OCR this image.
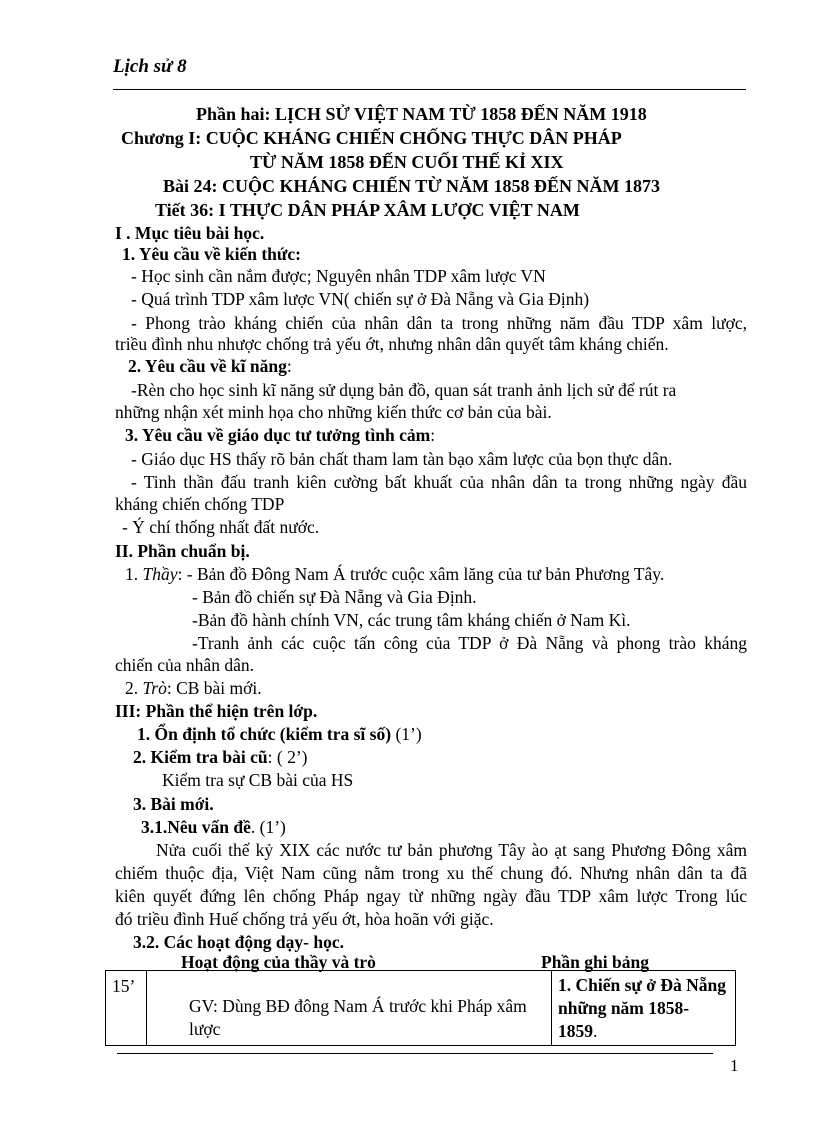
Lịch sử 8
Phần hai: LỊCH SỬ VIỆT NAM TỪ 1858 ĐẾN NĂM 1918
Chương I: CUỘC KHÁNG CHIẾN CHỐNG THỰC DÂN PHÁP
TỪ NĂM 1858 ĐẾN CUỐI THẾ KỈ XIX
Bài 24: CUỘC KHÁNG CHIẾN TỪ NĂM 1858 ĐẾN NĂM 1873
Tiết 36: I THỰC DÂN PHÁP XÂM LƯỢC VIỆT NAM
I . Mục tiêu bài học.
1. Yêu cầu về kiến thức:
- Học sinh cần nắm được; Nguyên nhân TDP xâm lược VN
- Quá trình TDP xâm lược VN( chiến sự ở Đà Nẵng và Gia Định)
- Phong trào kháng chiến của nhân dân ta trong những năm đầu TDP xâm lược,
triều đình nhu nhược chống trả yếu ớt, nhưng nhân dân quyết tâm kháng chiến.
2. Yêu cầu về kĩ năng:
-Rèn cho học sinh kĩ năng sử dụng bản đồ, quan sát tranh ảnh lịch sử để rút ra
những nhận xét minh họa cho những kiến thức cơ bản của bài.
3. Yêu cầu về giáo dục tư tưởng tình cảm:
- Giáo dục HS thấy rõ bản chất tham lam tàn bạo xâm lược của bọn thực dân.
- Tinh thần đấu tranh kiên cường bất khuất của nhân dân ta trong những ngày đầu
kháng chiến chống TDP
- Ý chí thống nhất đất nước.
II. Phần chuẩn bị.
1. Thầy: - Bản đồ Đông Nam Á trước cuộc xâm lăng của tư bản Phương Tây.
- Bản đồ chiến sự Đà Nẵng và Gia Định.
-Bản đồ hành chính VN, các trung tâm kháng chiến ở Nam Kì.
-Tranh ảnh các cuộc tấn công của TDP ở Đà Nẵng và phong trào kháng
chiến của nhân dân.
2. Trò: CB bài mới.
III: Phần thể hiện trên lớp.
1. Ổn định tổ chức (kiểm tra sĩ số) (1’)
2. Kiểm tra bài cũ: ( 2’)
Kiểm tra sự CB bài của HS
3. Bài mới.
3.1.Nêu vấn đề. (1’)
Nửa cuối thế kỷ XIX các nước tư bản phương Tây ào ạt sang Phương Đông xâm
chiếm thuộc địa, Việt Nam cũng nằm trong xu thế chung đó. Nhưng nhân dân ta đã
kiên quyết đứng lên chống Pháp ngay từ những ngày đầu TDP xâm lược Trong lúc
đó triều đình Huế chống trả yếu ớt, hòa hoãn với giặc.
3.2. Các hoạt động dạy- học.
Hoạt động của thầy và trò	Phần ghi bảng
15’	GV: Dùng BĐ đông Nam Á trước khi Pháp xâm lược	1. Chiến sự ở Đà Nẵng những năm 1858- 1859.
1
